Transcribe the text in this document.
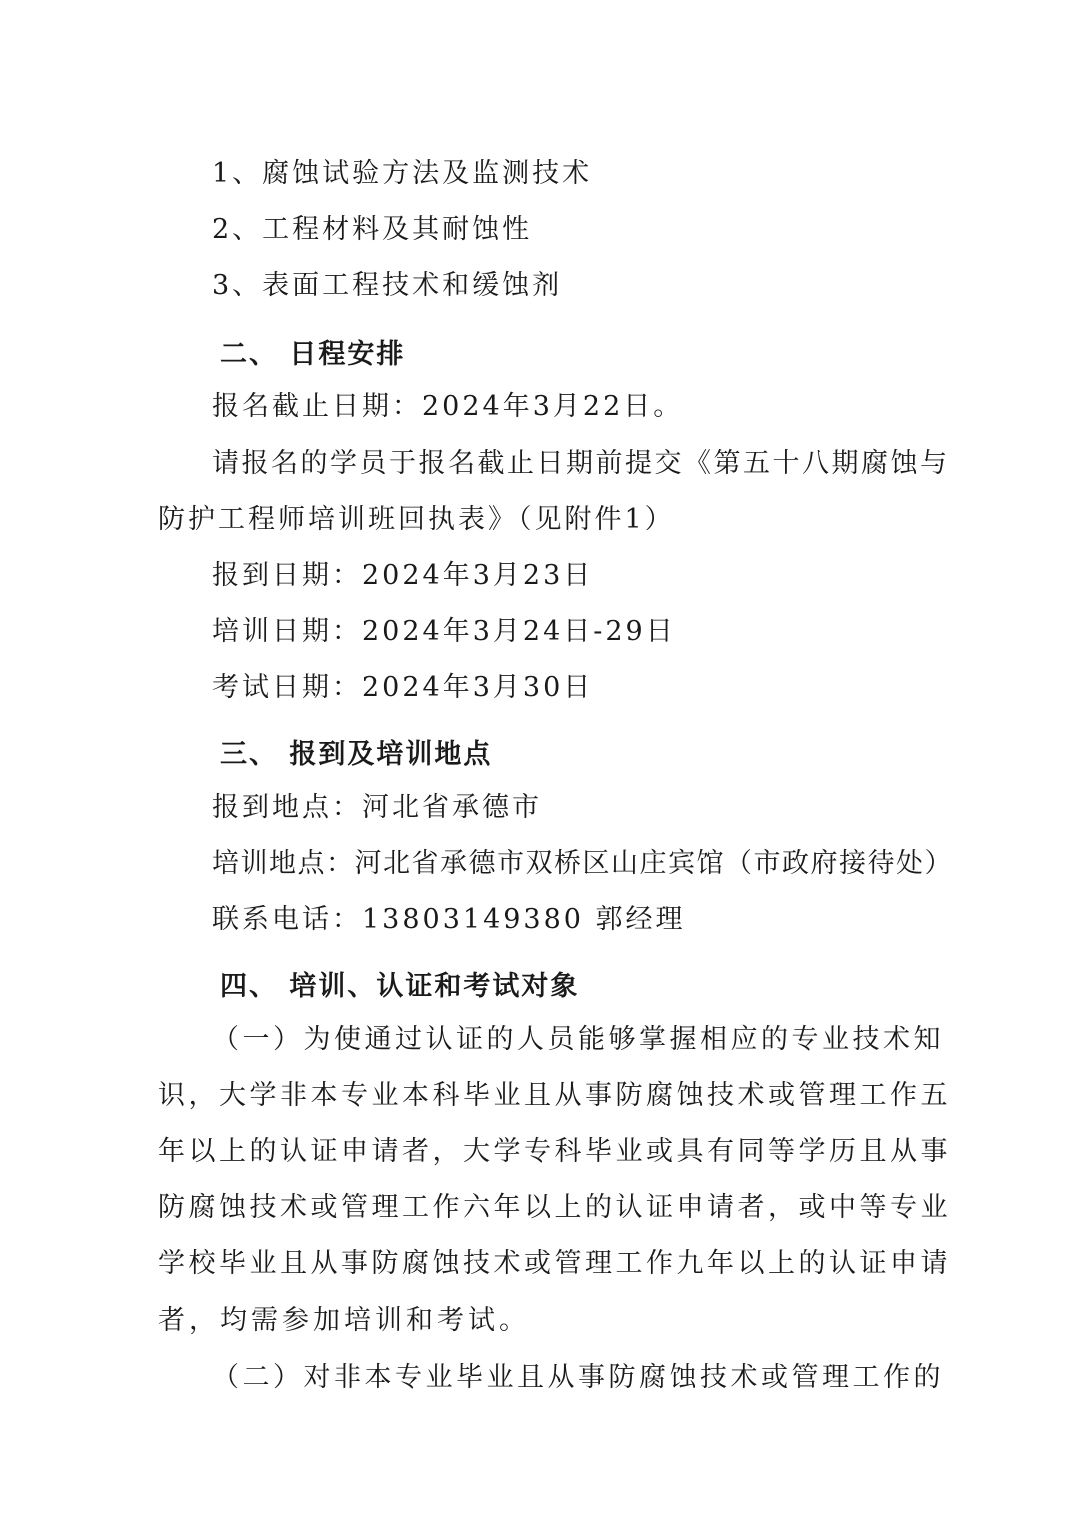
1、腐蚀试验方法及监测技术
2、工程材料及其耐蚀性
3、表面工程技术和缓蚀剂
二、 日程安排
报名截止日期：2024年3月22日。
请报名的学员于报名截止日期前提交《第五十八期腐蚀与
防护工程师培训班回执表》（见附件1）
报到日期：2024年3月23日
培训日期：2024年3月24日-29日
考试日期：2024年3月30日
三、 报到及培训地点
报到地点：河北省承德市
培训地点：河北省承德市双桥区山庄宾馆（市政府接待处）
联系电话：13803149380 郭经理
四、 培训、认证和考试对象
（一）为使通过认证的人员能够掌握相应的专业技术知
识，大学非本专业本科毕业且从事防腐蚀技术或管理工作五
年以上的认证申请者，大学专科毕业或具有同等学历且从事
防腐蚀技术或管理工作六年以上的认证申请者，或中等专业
学校毕业且从事防腐蚀技术或管理工作九年以上的认证申请
者，均需参加培训和考试。
（二）对非本专业毕业且从事防腐蚀技术或管理工作的
